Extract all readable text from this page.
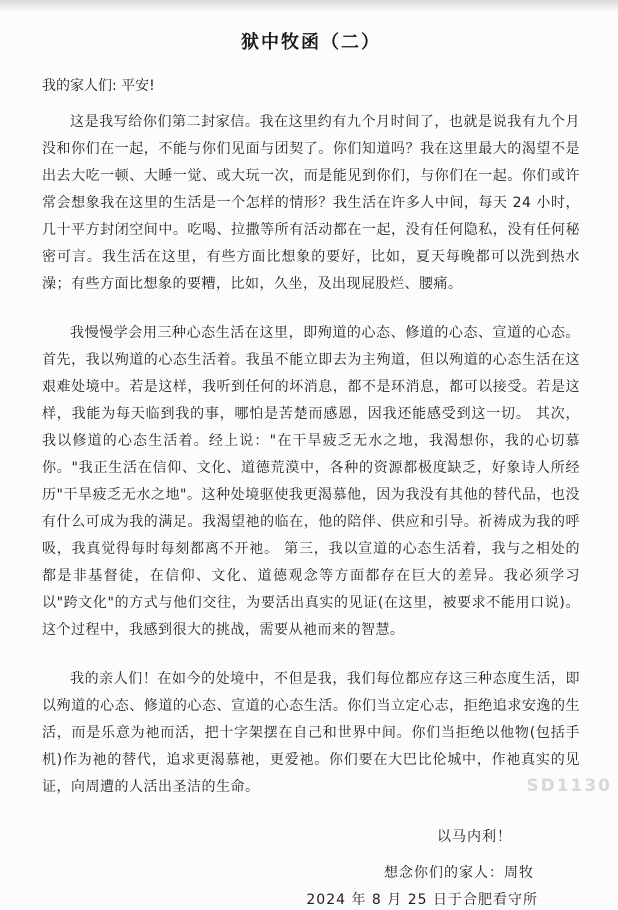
狱中牧函（二）
我的家人们: 平安!

这是我写给你们第二封家信。我在这里约有九个月时间了，也就是说我有九个月没和你们在一起，不能与你们见面与团契了。你们知道吗？我在这里最大的渴望不是出去大吃一顿、大睡一觉、或大玩一次，而是能见到你们，与你们在一起。你们或许常会想象我在这里的生活是一个怎样的情形？我生活在许多人中间，每天 24 小时，几十平方封闭空间中。吃喝、拉撒等所有活动都在一起，没有任何隐私，没有任何秘密可言。我生活在这里，有些方面比想象的要好，比如，夏天每晚都可以洗到热水澡；有些方面比想象的要糟，比如，久坐，及出现屁股烂、腰痛。

我慢慢学会用三种心态生活在这里，即殉道的心态、修道的心态、宣道的心态。首先，我以殉道的心态生活着。我虽不能立即去为主殉道，但以殉道的心态生活在这艰难处境中。若是这样，我听到任何的坏消息，都不是环消息，都可以接受。若是这样，我能为每天临到我的事，哪怕是苦楚而感恩，因我还能感受到这一切。 其次，我以修道的心态生活着。经上说："在干旱疲乏无水之地，我渴想你，我的心切慕你。"我正生活在信仰、文化、道德荒漠中，各种的资源都极度缺乏，好象诗人所经历"干旱疲乏无水之地"。这种处境驱使我更渴慕他，因为我没有其他的替代品，也没有什么可成为我的满足。我渴望祂的临在，他的陪伴、供应和引导。祈祷成为我的呼吸，我真觉得每时每刻都离不开祂。 第三，我以宣道的心态生活着，我与之相处的都是非基督徒，在信仰、文化、道德观念等方面都存在巨大的差异。我必须学习以"跨文化"的方式与他们交往，为要活出真实的见证(在这里，被要求不能用口说)。这个过程中，我感到很大的挑战，需要从祂而来的智慧。

我的亲人们！在如今的处境中，不但是我，我们每位都应存这三种态度生活，即以殉道的心态、修道的心态、宣道的心态生活。你们当立定心志，拒绝追求安逸的生活，而是乐意为祂而活，把十字架摆在自己和世界中间。你们当拒绝以他物(包括手机)作为祂的替代，追求更渴慕祂，更爱祂。你们要在大巴比伦城中，作祂真实的见证，向周遭的人活出圣洁的生命。

以马内利！
想念你们的家人：周牧
2024 年 8 月 25 日于合肥看守所
SD1130
